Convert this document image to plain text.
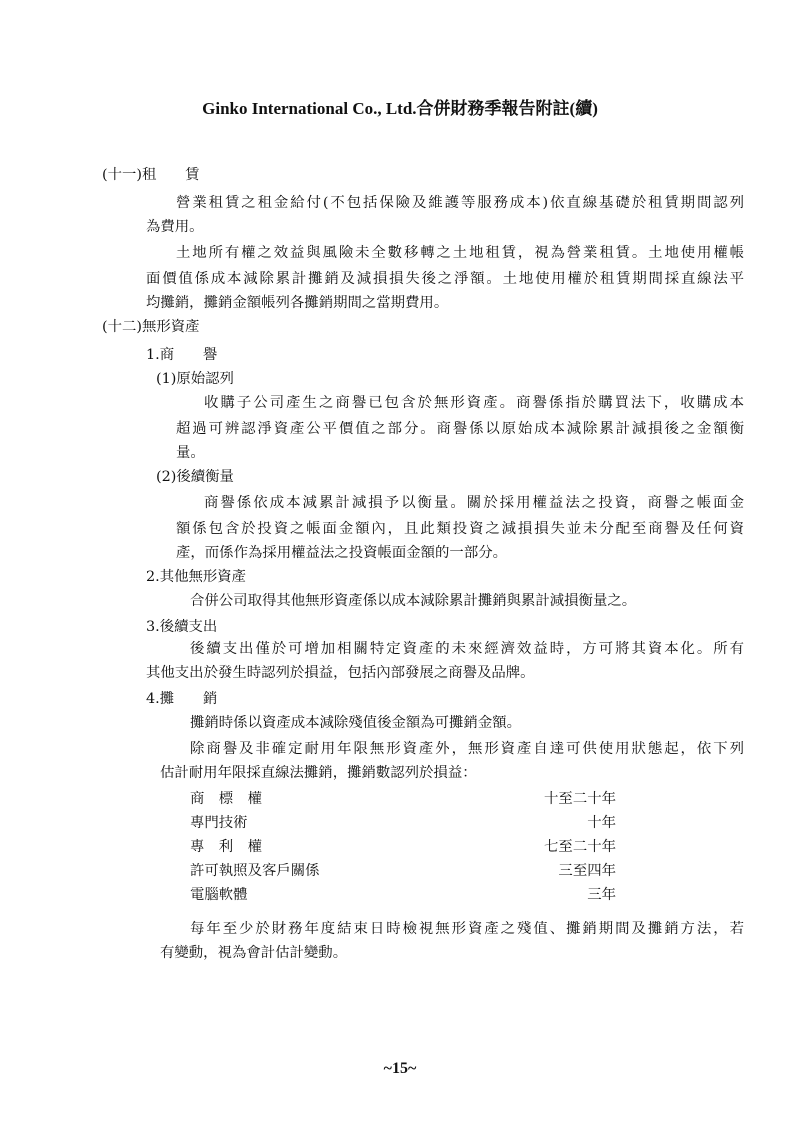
Ginko International Co., Ltd.合併財務季報告附註(續)
(十一)租　　賃
營業租賃之租金給付(不包括保險及維護等服務成本)依直線基礎於租賃期間認列
為費用。
土地所有權之效益與風險未全數移轉之土地租賃，視為營業租賃。土地使用權帳
面價值係成本減除累計攤銷及減損損失後之淨額。土地使用權於租賃期間採直線法平
均攤銷，攤銷金額帳列各攤銷期間之當期費用。
(十二)無形資產
1.商　　譽
(1)原始認列
收購子公司產生之商譽已包含於無形資產。商譽係指於購買法下，收購成本
超過可辨認淨資產公平價值之部分。商譽係以原始成本減除累計減損後之金額衡
量。
(2)後續衡量
商譽係依成本減累計減損予以衡量。關於採用權益法之投資，商譽之帳面金
額係包含於投資之帳面金額內，且此類投資之減損損失並未分配至商譽及任何資
產，而係作為採用權益法之投資帳面金額的一部分。
2.其他無形資產
合併公司取得其他無形資產係以成本減除累計攤銷與累計減損衡量之。
3.後續支出
後續支出僅於可增加相關特定資產的未來經濟效益時，方可將其資本化。所有
其他支出於發生時認列於損益，包括內部發展之商譽及品牌。
4.攤　　銷
攤銷時係以資產成本減除殘值後金額為可攤銷金額。
除商譽及非確定耐用年限無形資產外，無形資產自達可供使用狀態起，依下列
估計耐用年限採直線法攤銷，攤銷數認列於損益：
商　標　權	十至二十年
專門技術	十年
專　利　權	七至二十年
許可執照及客戶關係	三至四年
電腦軟體	三年
每年至少於財務年度結束日時檢視無形資產之殘值、攤銷期間及攤銷方法，若
有變動，視為會計估計變動。
~15~
